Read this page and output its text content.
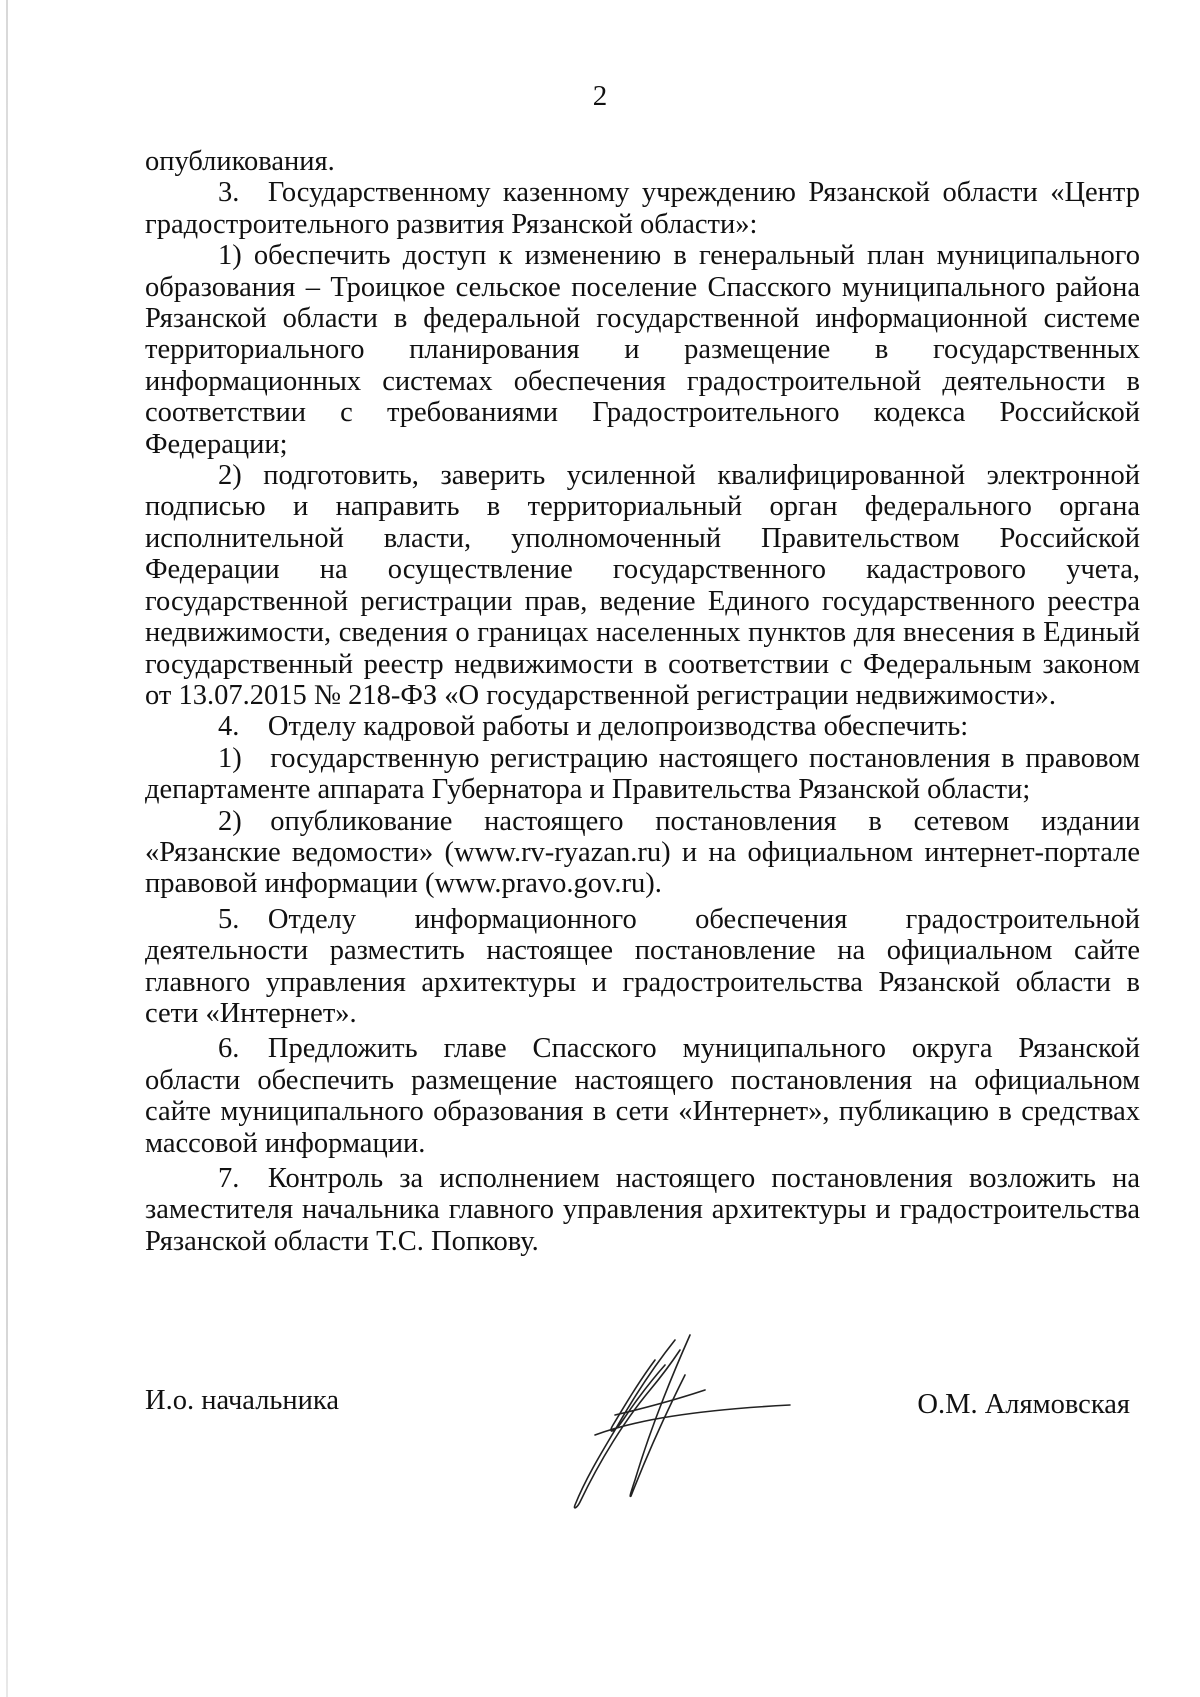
2

опубликования.

3. Государственному казенному учреждению Рязанской области «Центр градостроительного развития Рязанской области»:

1) обеспечить доступ к изменению в генеральный план муниципального образования – Троицкое сельское поселение Спасского муниципального района Рязанской области в федеральной государственной информационной системе территориального планирования и размещение в государственных информационных системах обеспечения градостроительной деятельности в соответствии с требованиями Градостроительного кодекса Российской Федерации;

2) подготовить, заверить усиленной квалифицированной электронной подписью и направить в территориальный орган федерального органа исполнительной власти, уполномоченный Правительством Российской Федерации на осуществление государственного кадастрового учета, государственной регистрации прав, ведение Единого государственного реестра недвижимости, сведения о границах населенных пунктов для внесения в Единый государственный реестр недвижимости в соответствии с Федеральным законом от 13.07.2015 № 218-ФЗ «О государственной регистрации недвижимости».

4. Отделу кадровой работы и делопроизводства обеспечить:

1) государственную регистрацию настоящего постановления в правовом департаменте аппарата Губернатора и Правительства Рязанской области;

2) опубликование настоящего постановления в сетевом издании «Рязанские ведомости» (www.rv-ryazan.ru) и на официальном интернет-портале правовой информации (www.pravo.gov.ru).

5. Отделу информационного обеспечения градостроительной деятельности разместить настоящее постановление на официальном сайте главного управления архитектуры и градостроительства Рязанской области в сети «Интернет».

6. Предложить главе Спасского муниципального округа Рязанской области обеспечить размещение настоящего постановления на официальном сайте муниципального образования в сети «Интернет», публикацию в средствах массовой информации.

7. Контроль за исполнением настоящего постановления возложить на заместителя начальника главного управления архитектуры и градостроительства Рязанской области Т.С. Попкову.

И.о. начальника	О.М. Алямовская
